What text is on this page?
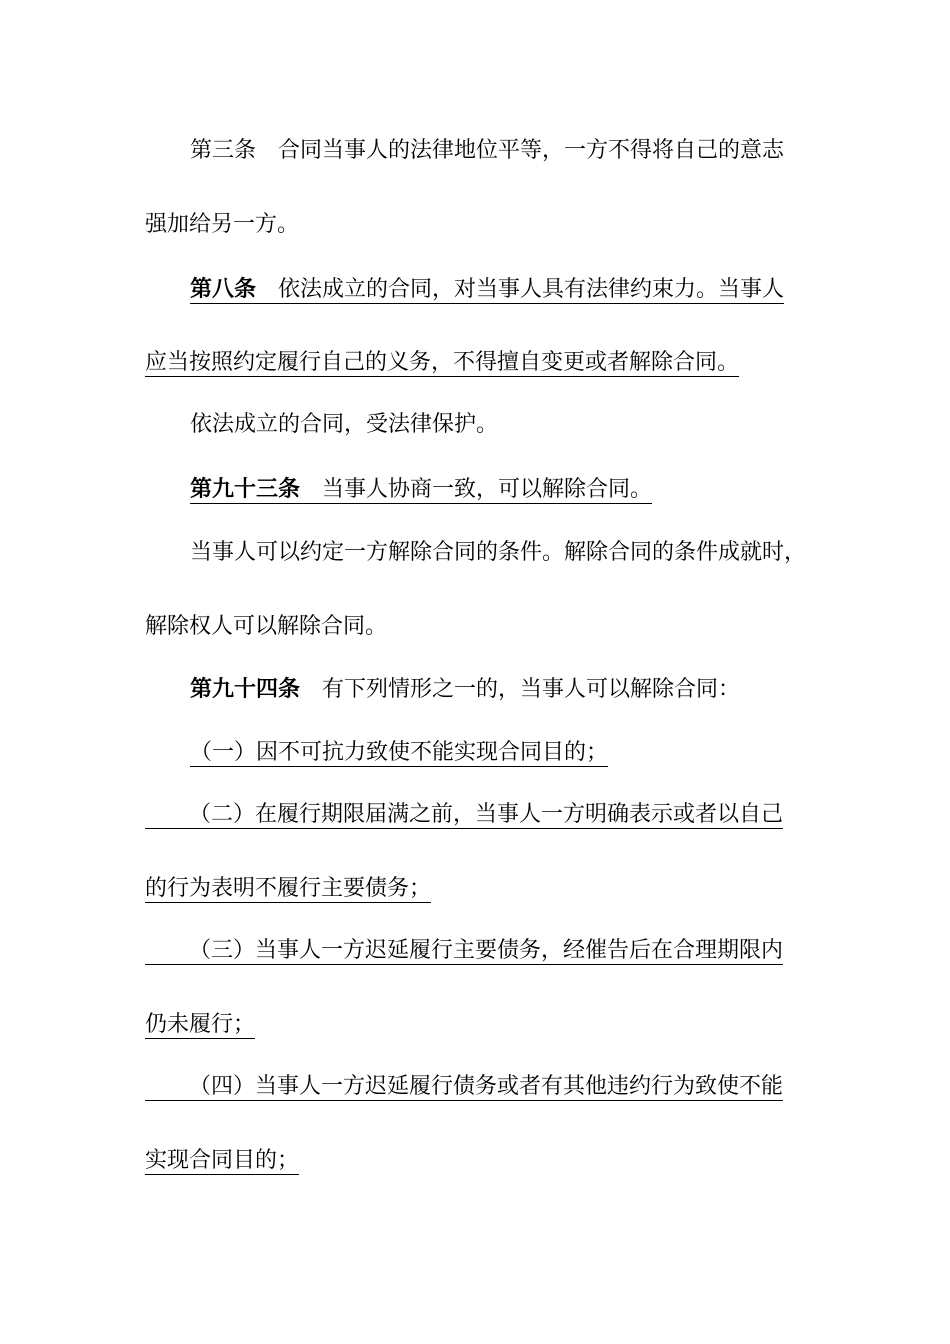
第三条 合同当事人的法律地位平等，一方不得将自己的意志
强加给另一方。
第八条 依法成立的合同，对当事人具有法律约束力。当事人
应当按照约定履行自己的义务，不得擅自变更或者解除合同。
依法成立的合同，受法律保护。
第九十三条 当事人协商一致，可以解除合同。
当事人可以约定一方解除合同的条件。解除合同的条件成就时，
解除权人可以解除合同。
第九十四条 有下列情形之一的，当事人可以解除合同：
（一）因不可抗力致使不能实现合同目的；
（二）在履行期限届满之前，当事人一方明确表示或者以自己
的行为表明不履行主要债务；
（三）当事人一方迟延履行主要债务，经催告后在合理期限内
仍未履行；
（四）当事人一方迟延履行债务或者有其他违约行为致使不能
实现合同目的；
